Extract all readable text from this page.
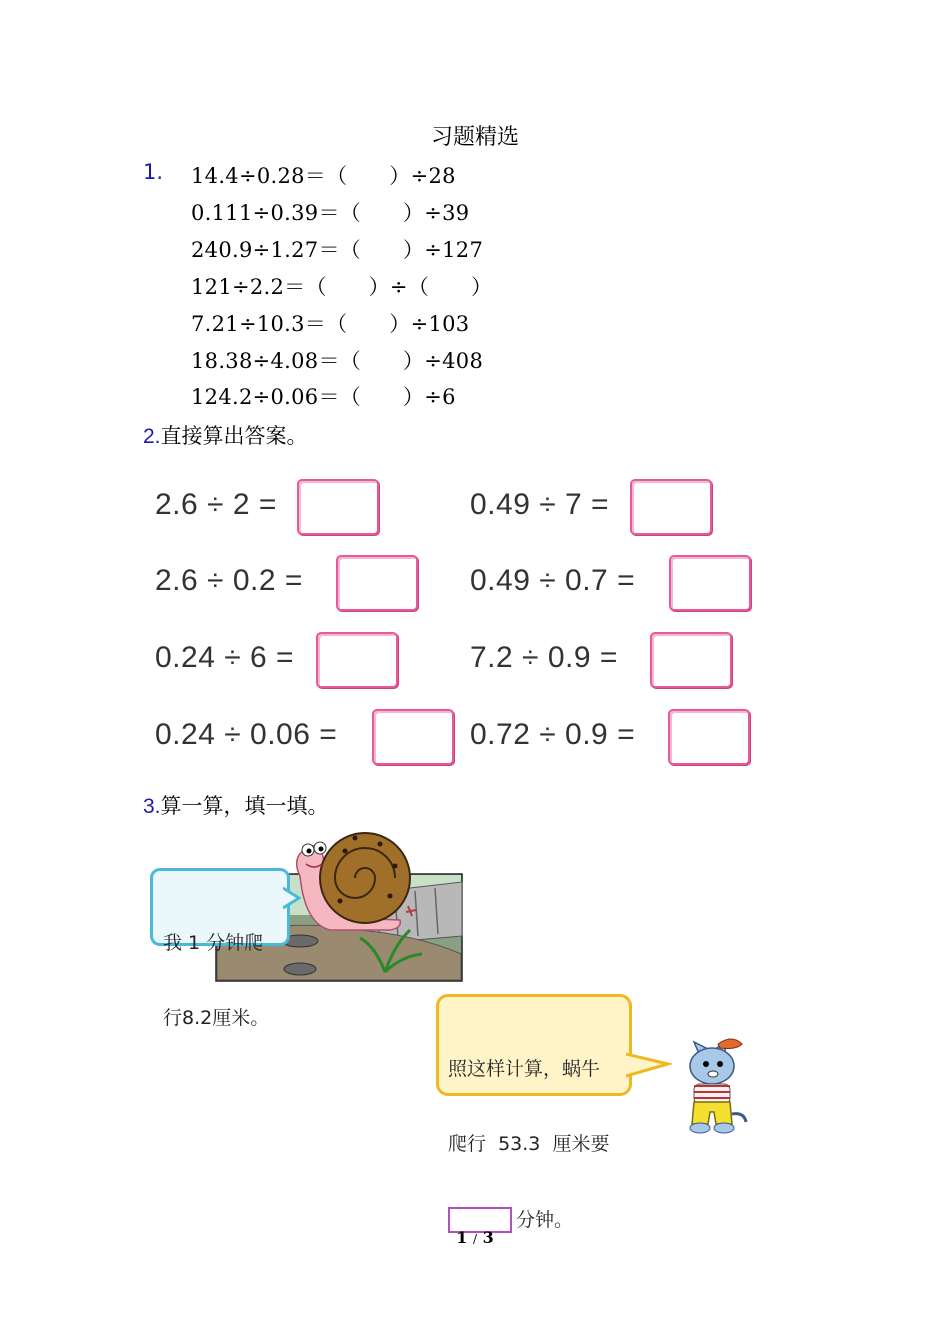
习题精选
1. 14.4÷0.28＝（      ）÷28
0.111÷0.39＝（      ）÷39
240.9÷1.27＝（      ）÷127
121÷2.2＝（      ）÷（      ）
7.21÷10.3＝（      ）÷103
18.38÷4.08＝（      ）÷408
124.2÷0.06＝（      ）÷6
2.直接算出答案。
2.6 ÷ 2 =	0.49 ÷ 7 =
2.6 ÷ 0.2 =	0.49 ÷ 0.7 =
0.24 ÷ 6 =	7.2 ÷ 0.9 =
0.24 ÷ 0.06 =	0.72 ÷ 0.9 =
3.算一算，填一填。

我 1 分钟爬

行8.2厘米。

照这样计算，蜗牛

爬行  53.3  厘米要

分钟。

1 / 3
